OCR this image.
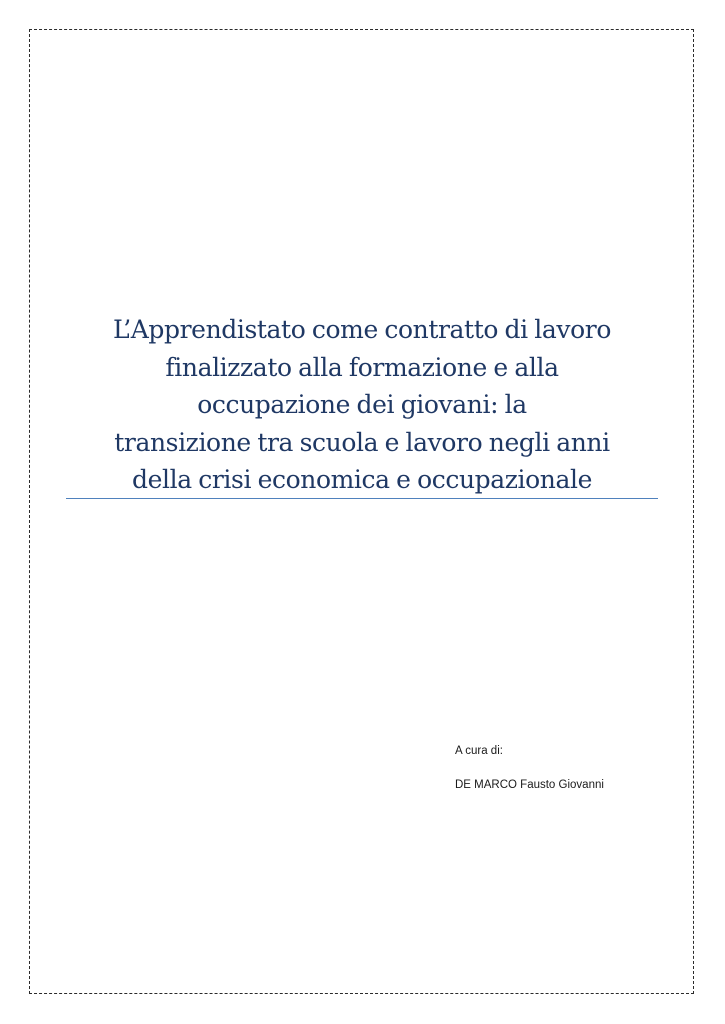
L’Apprendistato come contratto di lavoro
finalizzato alla formazione e alla
occupazione dei giovani: la
transizione tra scuola e lavoro negli anni
della crisi economica e occupazionale
A cura di:
DE MARCO Fausto Giovanni
